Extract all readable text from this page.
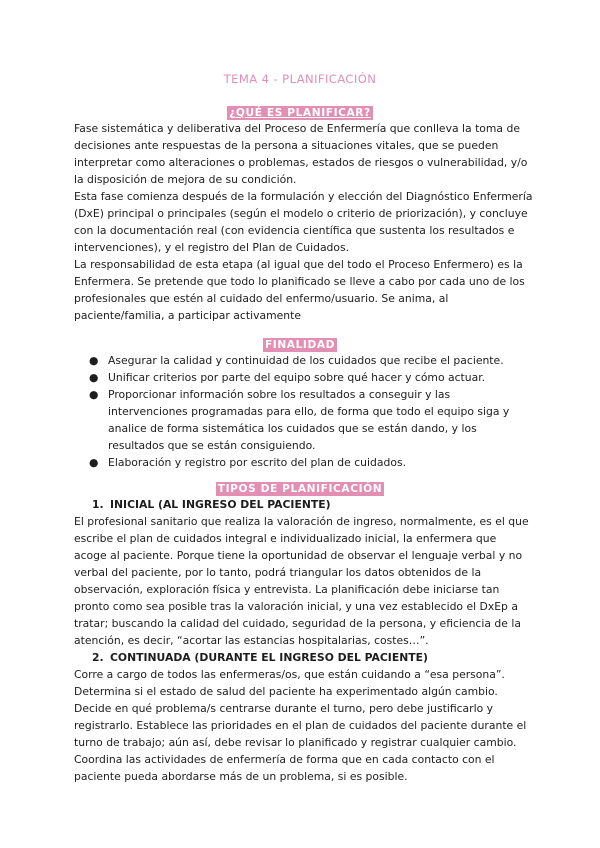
TEMA 4 - PLANIFICACIÓN
¿QUÉ ES PLANIFICAR?

Fase sistemática y deliberativa del Proceso de Enfermería que conlleva la toma de
decisiones ante respuestas de la persona a situaciones vitales, que se pueden
interpretar como alteraciones o problemas, estados de riesgos o vulnerabilidad, y/o
la disposición de mejora de su condición.

Esta fase comienza después de la formulación y elección del Diagnóstico Enfermería
(DxE) principal o principales (según el modelo o criterio de priorización), y concluye
con la documentación real (con evidencia científica que sustenta los resultados e
intervenciones), y el registro del Plan de Cuidados.

La responsabilidad de esta etapa (al igual que del todo el Proceso Enfermero) es la
Enfermera. Se pretende que todo lo planificado se lleve a cabo por cada uno de los
profesionales que estén al cuidado del enfermo/usuario. Se anima, al
paciente/familia, a participar activamente

FINALIDAD
● Asegurar la calidad y continuidad de los cuidados que recibe el paciente.
● Unificar criterios por parte del equipo sobre qué hacer y cómo actuar.
● Proporcionar información sobre los resultados a conseguir y las
intervenciones programadas para ello, de forma que todo el equipo siga y
analice de forma sistemática los cuidados que se están dando, y los
resultados que se están consiguiendo.
● Elaboración y registro por escrito del plan de cuidados.
TIPOS DE PLANIFICACIÓN
1. INICIAL (AL INGRESO DEL PACIENTE)

El profesional sanitario que realiza la valoración de ingreso, normalmente, es el que
escribe el plan de cuidados integral e individualizado inicial, la enfermera que
acoge al paciente. Porque tiene la oportunidad de observar el lenguaje verbal y no
verbal del paciente, por lo tanto, podrá triangular los datos obtenidos de la
observación, exploración física y entrevista. La planificación debe iniciarse tan
pronto como sea posible tras la valoración inicial, y una vez establecido el DxEp a
tratar; buscando la calidad del cuidado, seguridad de la persona, y eficiencia de la
atención, es decir, “acortar las estancias hospitalarias, costes…”.

2. CONTINUADA (DURANTE EL INGRESO DEL PACIENTE)

Corre a cargo de todos las enfermeras/os, que están cuidando a “esa persona”.
Determina si el estado de salud del paciente ha experimentado algún cambio.
Decide en qué problema/s centrarse durante el turno, pero debe justificarlo y
registrarlo. Establece las prioridades en el plan de cuidados del paciente durante el
turno de trabajo; aún así, debe revisar lo planificado y registrar cualquier cambio.
Coordina las actividades de enfermería de forma que en cada contacto con el
paciente pueda abordarse más de un problema, si es posible.
